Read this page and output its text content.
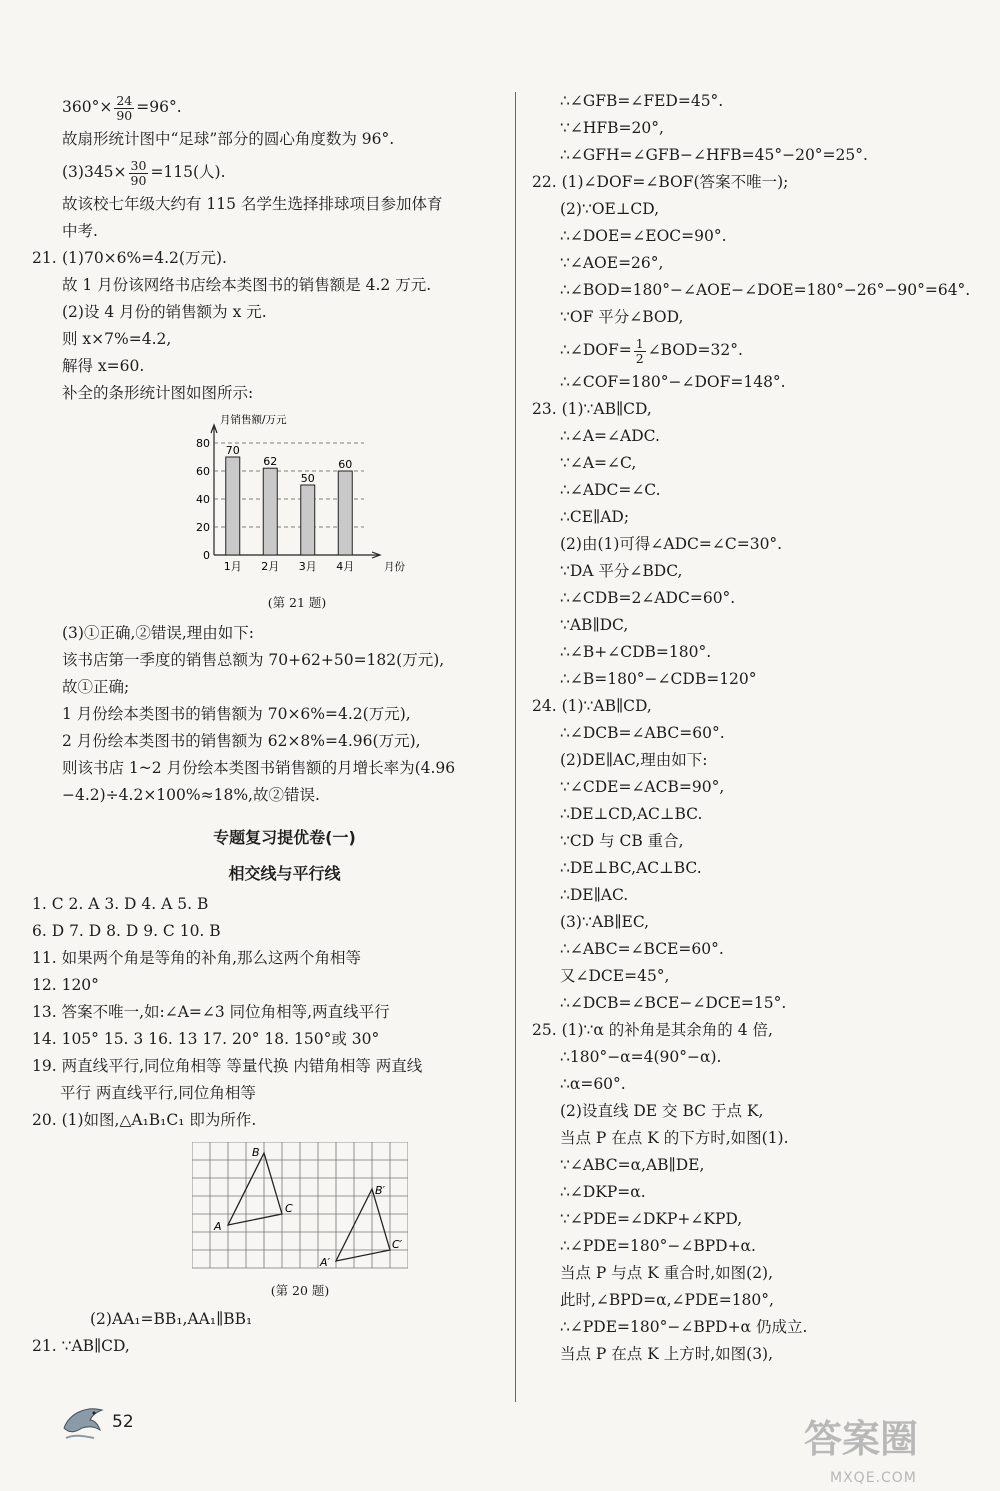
$360^\circ\times \frac{24}{90} =96^\circ$.
故扇形统计图中“足球”部分的圆心角度数为 96°.
$(3)345\times \frac{30}{90} =115$(人).
故该校七年级大约有 115 名学生选择排球项目参加体育
中考.
21. (1)70×6%=4.2(万元).
故 1 月份该网络书店绘本类图书的销售额是 4.2 万元.
(2)设 4 月份的销售额为 x 元.
则 x×7%=4.2,
解得 x=60.
补全的条形统计图如图所示:
0
20
40
60
80
70
1月
62
2月
50
3月
60
4月
月销售额/万元
月份
(第 21 题)
(3)①正确,②错误,理由如下:
该书店第一季度的销售总额为 70+62+50=182(万元),
故①正确;
1 月份绘本类图书的销售额为 70×6%=4.2(万元),
2 月份绘本类图书的销售额为 62×8%=4.96(万元),
则该书店 1~2 月份绘本类图书销售额的月增长率为(4.96
−4.2)÷4.2×100%≈18%,故②错误.
专题复习提优卷(一)
相交线与平行线
1. C 2. A 3. D 4. A 5. B
6. D 7. D 8. D 9. C 10. B
11. 如果两个角是等角的补角,那么这两个角相等
12. 120°
13. 答案不唯一,如:∠A=∠3 同位角相等,两直线平行
14. 105° 15. 3 16. 13 17. 20° 18. 150°或 30°
19. 两直线平行,同位角相等 等量代换 内错角相等 两直线
平行 两直线平行,同位角相等
20. (1)如图,△A₁B₁C₁ 即为所作.
B
A
C
B′
C′
A′
(第 20 题)
(2)AA₁=BB₁,AA₁∥BB₁
21. ∵AB∥CD,
∴∠GFB=∠FED=45°.
∵∠HFB=20°,
∴∠GFH=∠GFB−∠HFB=45°−20°=25°.
22. (1)∠DOF=∠BOF(答案不唯一);
(2)∵OE⊥CD,
∴∠DOE=∠EOC=90°.
∵∠AOE=26°,
∴∠BOD=180°−∠AOE−∠DOE=180°−26°−90°=64°.
∵OF 平分∠BOD,
∴∠DOF= $\frac{1}{2}$ ∠BOD=32°.
∴∠COF=180°−∠DOF=148°.
23. (1)∵AB∥CD,
∴∠A=∠ADC.
∵∠A=∠C,
∴∠ADC=∠C.
∴CE∥AD;
(2)由(1)可得∠ADC=∠C=30°.
∵DA 平分∠BDC,
∴∠CDB=2∠ADC=60°.
∵AB∥DC,
∴∠B+∠CDB=180°.
∴∠B=180°−∠CDB=120°
24. (1)∵AB∥CD,
∴∠DCB=∠ABC=60°.
(2)DE∥AC,理由如下:
∵∠CDE=∠ACB=90°,
∴DE⊥CD,AC⊥BC.
∵CD 与 CB 重合,
∴DE⊥BC,AC⊥BC.
∴DE∥AC.
(3)∵AB∥EC,
∴∠ABC=∠BCE=60°.
又∠DCE=45°,
∴∠DCB=∠BCE−∠DCE=15°.
25. (1)∵α 的补角是其余角的 4 倍,
∴180°−α=4(90°−α).
∴α=60°.
(2)设直线 DE 交 BC 于点 K,
当点 P 在点 K 的下方时,如图(1).
∵∠ABC=α,AB∥DE,
∴∠DKP=α.
∵∠PDE=∠DKP+∠KPD,
∴∠PDE=180°−∠BPD+α.
当点 P 与点 K 重合时,如图(2),
此时,∠BPD=α,∠PDE=180°,
∴∠PDE=180°−∠BPD+α 仍成立.
当点 P 在点 K 上方时,如图(3),
52	答案圈
MXQE.COM
